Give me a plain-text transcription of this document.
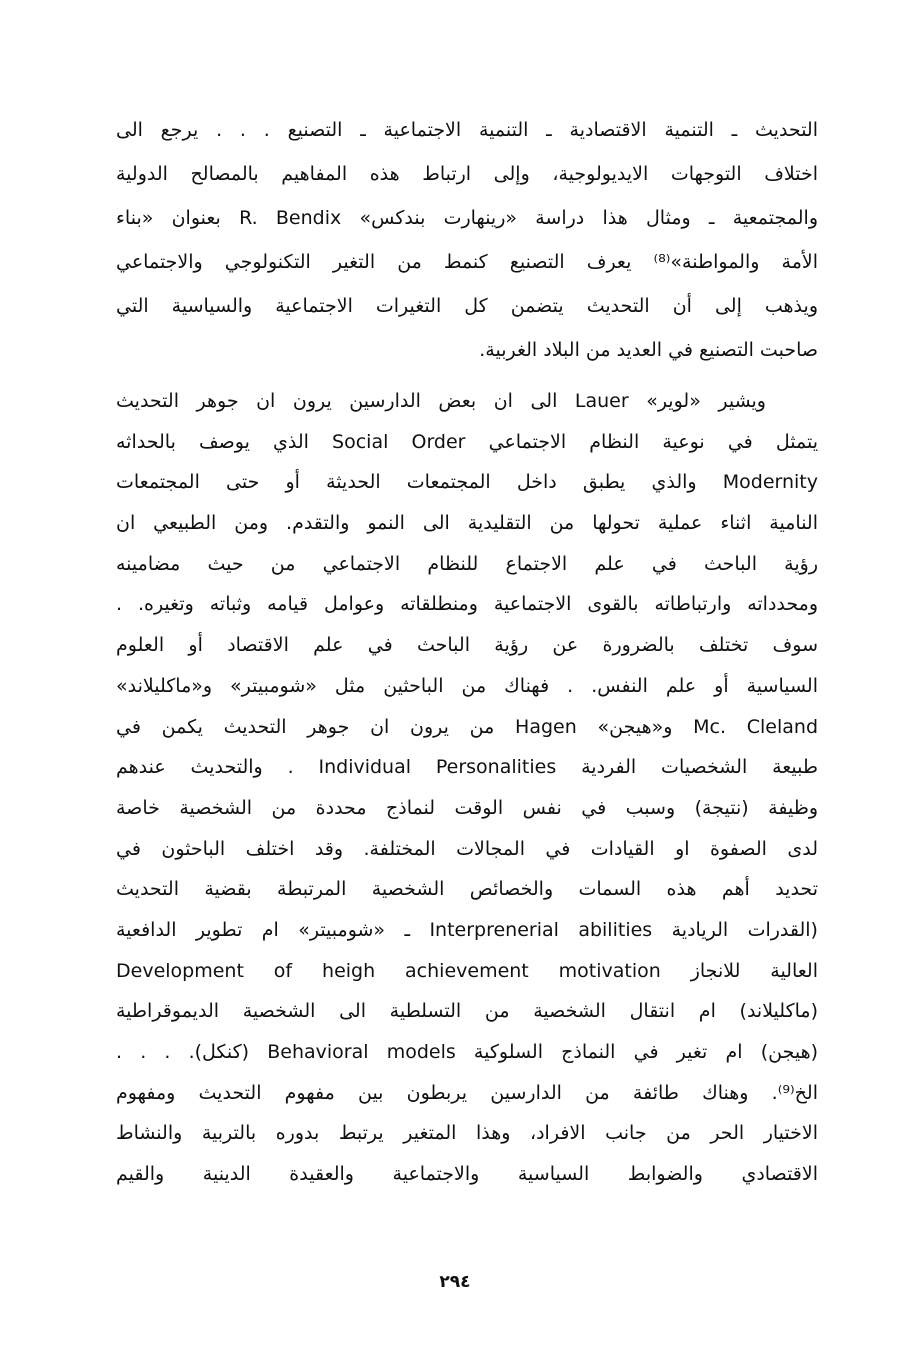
التحديث ـ التنمية الاقتصادية ـ التنمية الاجتماعية ـ التصنيع . . . يرجع الى
اختلاف التوجهات الايديولوجية، وإلى ارتباط هذه المفاهيم بالمصالح الدولية
والمجتمعية ـ ومثال هذا دراسة «رينهارت بندكس» R. Bendix بعنوان «بناء
الأمة والمواطنة»⁽⁸⁾ يعرف التصنيع كنمط من التغير التكنولوجي والاجتماعي
ويذهب إلى أن التحديث يتضمن كل التغيرات الاجتماعية والسياسية التي
صاحبت التصنيع في العديد من البلاد الغربية.
ويشير «لوير» Lauer الى ان بعض الدارسين يرون ان جوهر التحديث
يتمثل في نوعية النظام الاجتماعي Social Order الذي يوصف بالحداثه
Modernity والذي يطبق داخل المجتمعات الحديثة أو حتى المجتمعات
النامية اثناء عملية تحولها من التقليدية الى النمو والتقدم. ومن الطبيعي ان
رؤية الباحث في علم الاجتماع للنظام الاجتماعي من حيث مضامينه
ومحدداته وارتباطاته بالقوى الاجتماعية ومنطلقاته وعوامل قيامه وثباته وتغيره. .
سوف تختلف بالضرورة عن رؤية الباحث في علم الاقتصاد أو العلوم
السياسية أو علم النفس. . فهناك من الباحثين مثل «شومبيتر» و«ماكليلاند»
Mc. Cleland و«هيجن» Hagen من يرون ان جوهر التحديث يكمن في
طبيعة الشخصيات الفردية Individual Personalities . والتحديث عندهم
وظيفة (نتيجة) وسبب في نفس الوقت لنماذج محددة من الشخصية خاصة
لدى الصفوة او القيادات في المجالات المختلفة. وقد اختلف الباحثون في
تحديد أهم هذه السمات والخصائص الشخصية المرتبطة بقضية التحديث
(القدرات الريادية Interprenerial abilities ـ «شومبيتر» ام تطوير الدافعية
العالية للانجاز Development of heigh achievement motivation
(ماكليلاند) ام انتقال الشخصية من التسلطية الى الشخصية الديموقراطية
(هيجن) ام تغير في النماذج السلوكية Behavioral models (كنكل). . . .
الخ⁽⁹⁾. وهناك طائفة من الدارسين يربطون بين مفهوم التحديث ومفهوم
الاختيار الحر من جانب الافراد، وهذا المتغير يرتبط بدوره بالتربية والنشاط
الاقتصادي والضوابط السياسية والاجتماعية والعقيدة الدينية والقيم
٢٩٤
